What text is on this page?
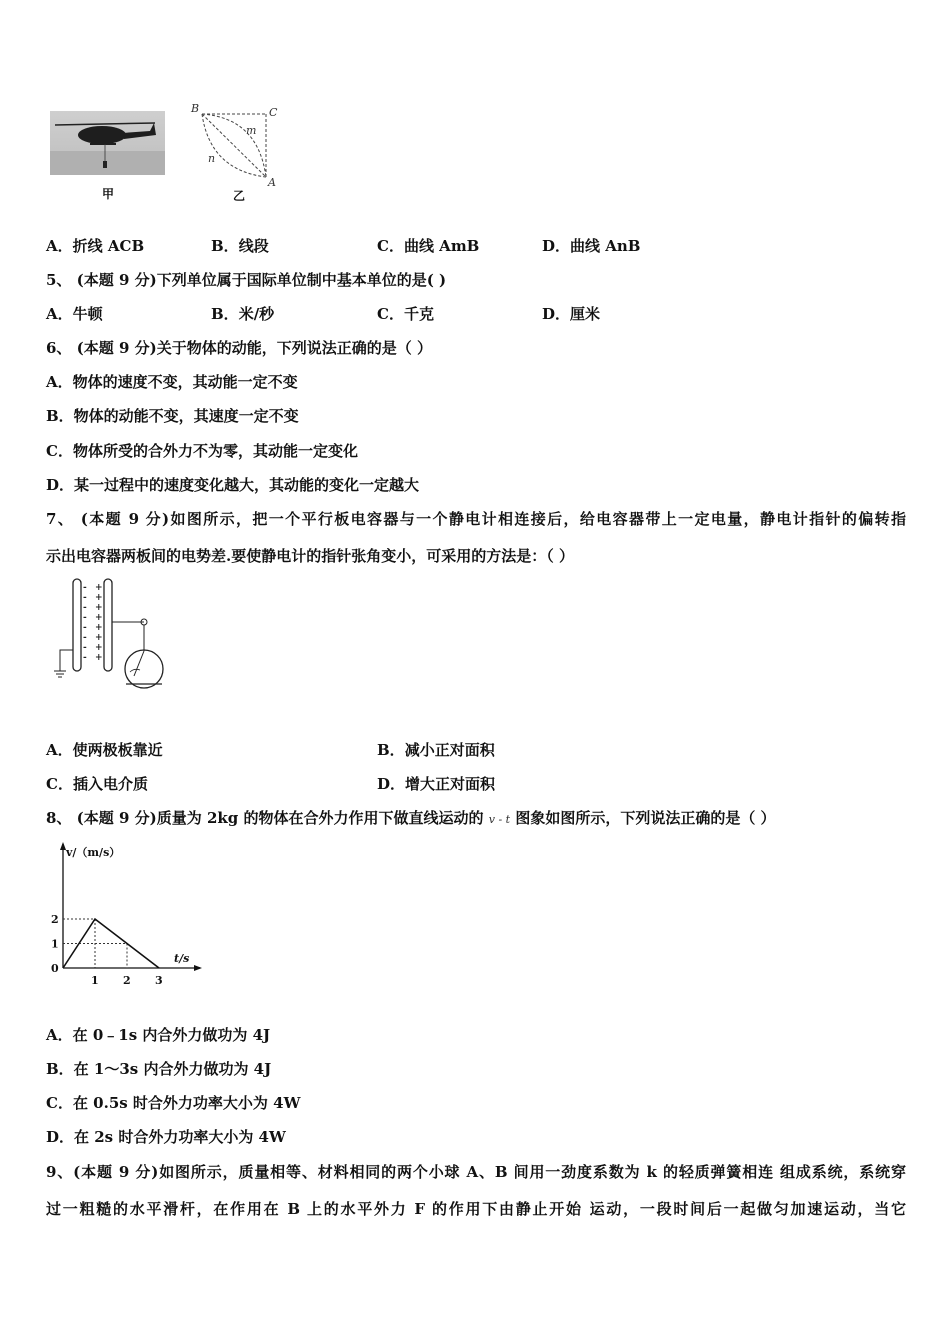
甲
B	C
A
m
n
乙
A．折线 ACB	B．线段	C．曲线 AmB	D．曲线 AnB
5、 (本题 9 分)下列单位属于国际单位制中基本单位的是( )
A．牛顿	B．米/秒	C．千克	D．厘米
6、 (本题 9 分)关于物体的动能，下列说法正确的是（ ）
A．物体的速度不变，其动能一定不变
B．物体的动能不变，其速度一定不变
C．物体所受的合外力不为零，其动能一定变化
D．某一过程中的速度变化越大，其动能的变化一定越大
7、 (本题 9 分)如图所示，把一个平行板电容器与一个静电计相连接后，给电容器带上一定电量，静电计指针的偏转指
示出电容器两板间的电势差.要使静电计的指针张角变小，可采用的方法是：（ ）
-
-
-
-
-
-
-
-
+
+
+
+
+
+
+
+
A．使两极板靠近	B．减小正对面积
C．插入电介质	D．增大正对面积
8、 (本题 9 分)质量为 2kg 的物体在合外力作用下做直线运动的 v - t 图象如图所示，下列说法正确的是（ ）
v/（m/s）
t/s
0
1 2 3
1
2
A．在 0﹣1s 内合外力做功为 4J
B．在 1～3s 内合外力做功为 4J
C．在 0.5s 时合外力功率大小为 4W
D．在 2s 时合外力功率大小为 4W
9、(本题 9 分)如图所示，质量相等、材料相同的两个小球 A、B 间用一劲度系数为 k 的轻质弹簧相连 组成系统，系统穿
过一粗糙的水平滑杆，在作用在 B 上的水平外力 F 的作用下由静止开始 运动，一段时间后一起做匀加速运动，当它
